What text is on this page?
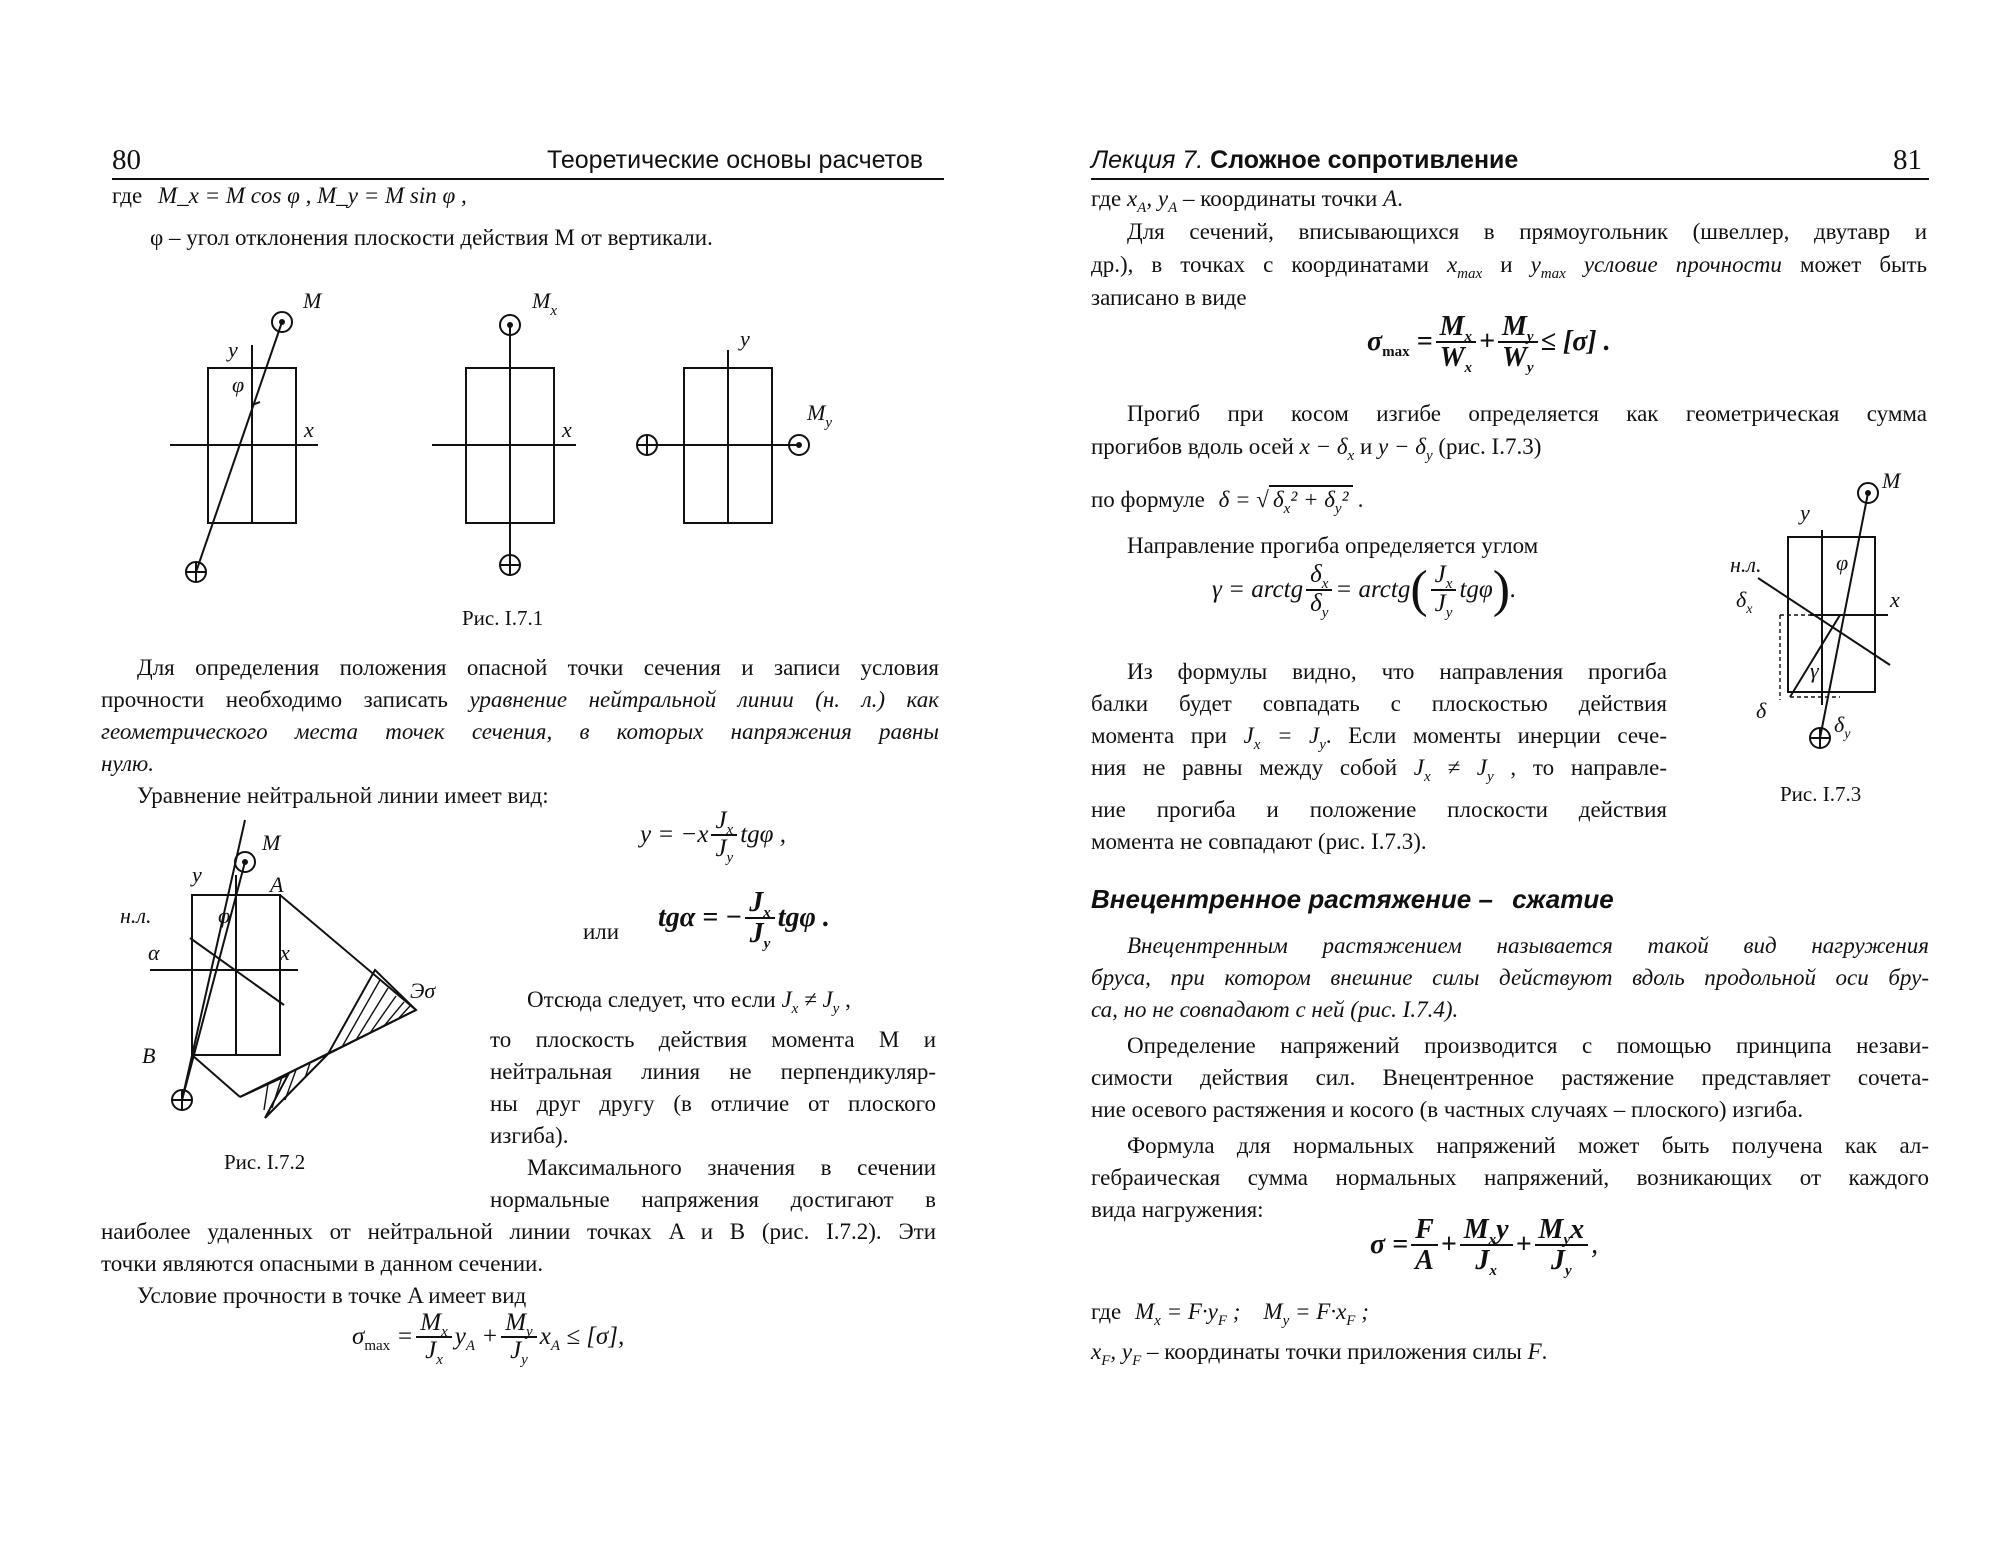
80	Теоретические основы расчетов
где M_x = M cos φ , M_y = M sin φ ,
φ – угол отклонения плоскости действия M от вертикали.
M
y
x
φ
$M_x$
x
y
$M_y$
Рис. I.7.1
Для определения положения опасной точки сечения и записи условия
прочности необходимо записать уравнение нейтральной линии (н. л.) как
геометрического места точек сечения, в которых напряжения равны
нулю.
Уравнение нейтральной линии имеет вид:
$y = -x \frac{J_x}{J_y}$ tgφ ,
или tgα = − $\frac{J_x}{J_y}$ tgφ .
M
y	A
н.л.	φ
α	x
B
Эσ
Рис. I.7.2
Отсюда следует, что если $J_x \ne J_y$ ,
то плоскость действия момента M и
нейтральная линия не перпендикуляр-
ны друг другу (в отличие от плоского
изгиба).
Максимального значения в сечении
нормальные напряжения достигают в
наиболее удаленных от нейтральной линии точках A и B (рис. I.7.2). Эти
точки являются опасными в данном сечении.
Условие прочности в точке A имеет вид
$\sigma_{max} = \frac{M_x}{J_x} y_A + \frac{M_y}{J_y} x_A \le [\sigma]$,
Лекция 7. Сложное сопротивление	81
где $x_A$, $y_A$ – координаты точки A.
Для сечений, вписывающихся в прямоугольник (швеллер, двутавр и
др.), в точках с координатами $x_{max}$ и $y_{max}$ условие прочности может быть
записано в виде
$\sigma_{max} = \frac{M_x}{W_x} + \frac{M_y}{W_y} \le [\sigma]$ .
Прогиб при косом изгибе определяется как геометрическая сумма
прогибов вдоль осей $x - \delta_x$ и $y - \delta_y$ (рис. I.7.3)
по формуле δ = √ $\delta_x^2 + \delta_y^2$ .
Направление прогиба определяется углом
γ = arctg $\frac{\delta_x}{\delta_y}$ = arctg ( $\frac{J_x}{J_y}$ tgφ ) .
Из формулы видно, что направления прогиба
балки будет совпадать с плоскостью действия
момента при $J_x = J_y$. Если моменты инерции сече-
ния не равны между собой $J_x \ne J_y$ , то направле-
ние прогиба и положение плоскости действия
момента не совпадают (рис. I.7.3).
M
y
н.л.	φ
x
$\delta_x$
γ
δ
$\delta_y$
Рис. I.7.3
Внецентренное растяжение – сжатие
Внецентренным растяжением называется такой вид нагружения
бруса, при котором внешние силы действуют вдоль продольной оси бру-
са, но не совпадают с ней (рис. I.7.4).
Определение напряжений производится с помощью принципа незави-
симости действия сил. Внецентренное растяжение представляет сочета-
ние осевого растяжения и косого (в частных случаях – плоского) изгиба.
Формула для нормальных напряжений может быть получена как ал-
гебраическая сумма нормальных напряжений, возникающих от каждого
вида нагружения:
$\sigma = \frac{F}{A} + \frac{M_xy}{J_x} + \frac{M_yx}{J_y}$ ,
где $M_x = F\cdot y_F$ ;    $M_y = F\cdot x_F$ ;
$x_F$, $y_F$ – координаты точки приложения силы F.
